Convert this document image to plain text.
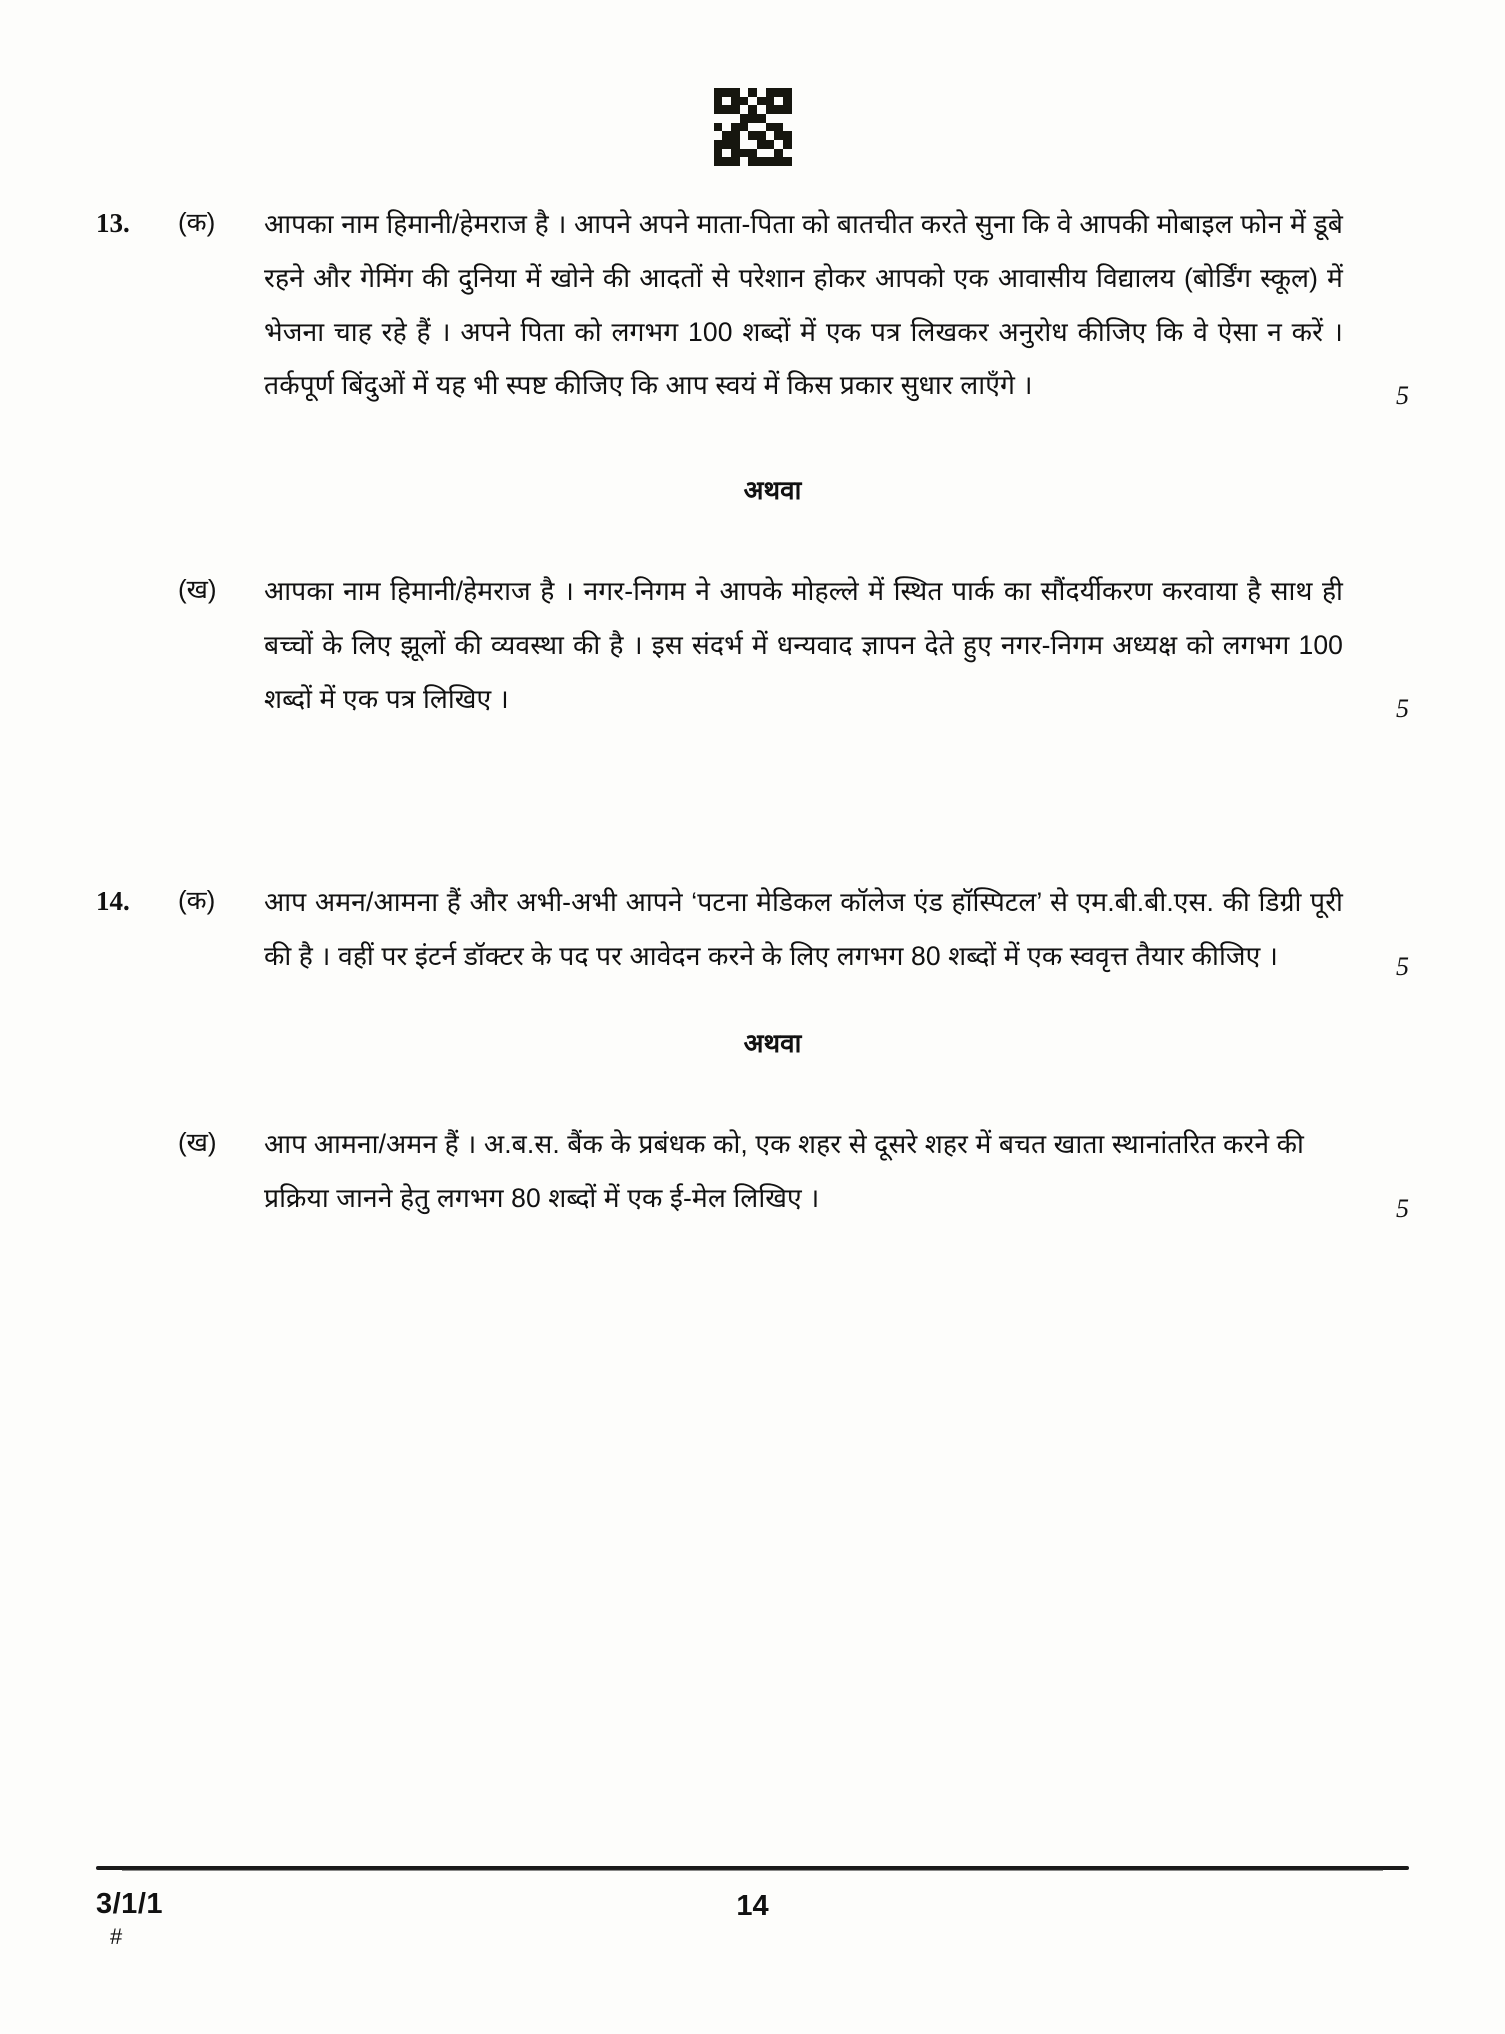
13.	(क)	आपका नाम हिमानी/हेमराज है । आपने अपने माता-पिता को बातचीत करते सुना कि वे आपकी मोबाइल फोन में डूबे रहने और गेमिंग की दुनिया में खोने की आदतों से परेशान होकर आपको एक आवासीय विद्यालय (बोर्डिंग स्कूल) में भेजना चाह रहे हैं । अपने पिता को लगभग 100 शब्दों में एक पत्र लिखकर अनुरोध कीजिए कि वे ऐसा न करें । तर्कपूर्ण बिंदुओं में यह भी स्पष्ट कीजिए कि आप स्वयं में किस प्रकार सुधार लाएँगे ।	5
अथवा
(ख)	आपका नाम हिमानी/हेमराज है । नगर-निगम ने आपके मोहल्ले में स्थित पार्क का सौंदर्यीकरण करवाया है साथ ही बच्चों के लिए झूलों की व्यवस्था की है । इस संदर्भ में धन्यवाद ज्ञापन देते हुए नगर-निगम अध्यक्ष को लगभग 100 शब्दों में एक पत्र लिखिए ।	5
14.	(क)	आप अमन/आमना हैं और अभी-अभी आपने ‘पटना मेडिकल कॉलेज एंड हॉस्पिटल’ से एम.बी.बी.एस. की डिग्री पूरी की है । वहीं पर इंटर्न डॉक्टर के पद पर आवेदन करने के लिए लगभग 80 शब्दों में एक स्ववृत्त तैयार कीजिए ।	5
अथवा
(ख)	आप आमना/अमन हैं । अ.ब.स. बैंक के प्रबंधक को, एक शहर से दूसरे शहर में बचत खाता स्थानांतरित करने की प्रक्रिया जानने हेतु लगभग 80 शब्दों में एक ई-मेल लिखिए ।	5
3/1/1
#
14
